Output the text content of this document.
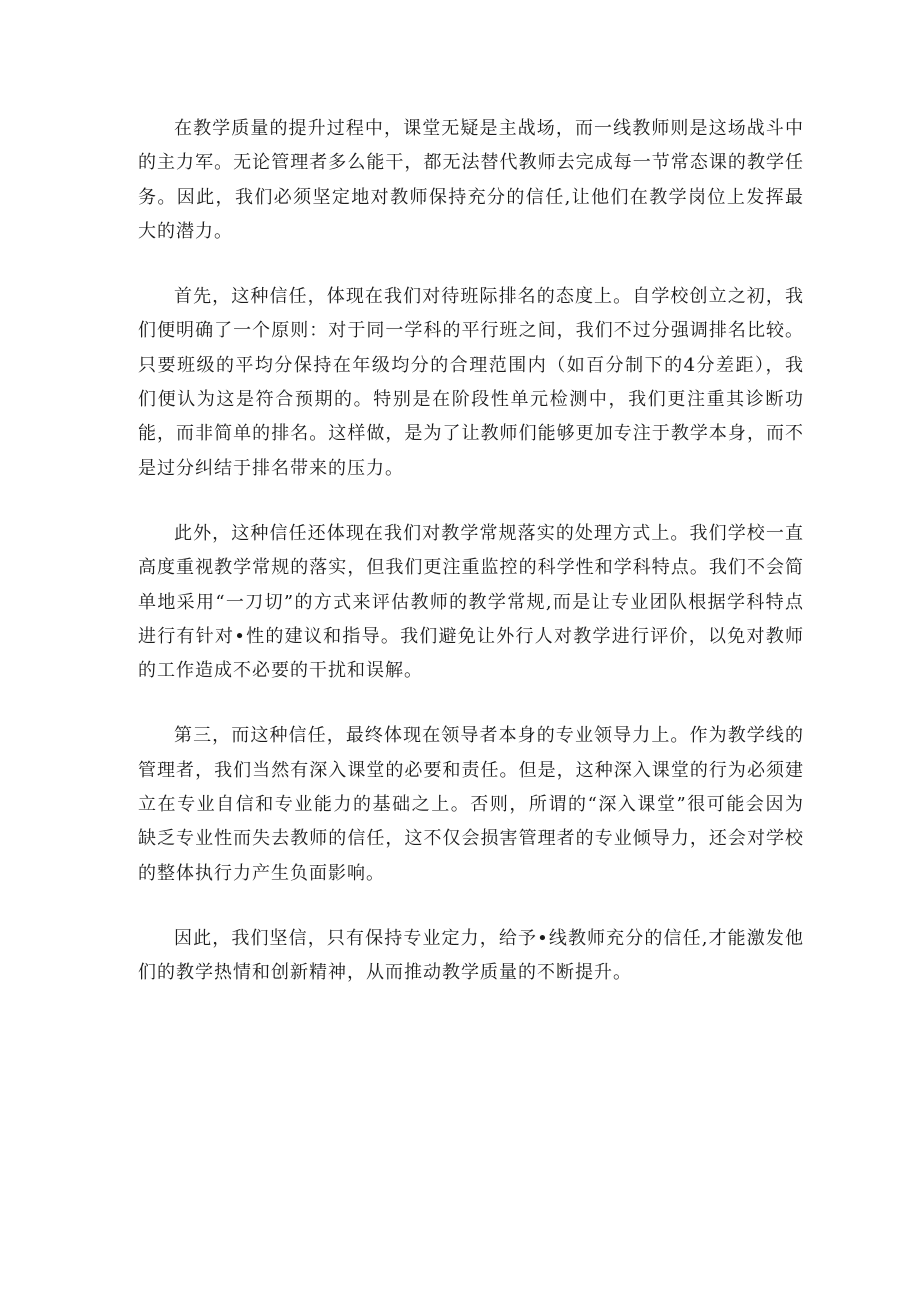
在教学质量的提升过程中，课堂无疑是主战场，而一线教师则是这场战斗中的主力军。无论管理者多么能干，都无法替代教师去完成每一节常态课的教学任务。因此，我们必须坚定地对教师保持充分的信任,让他们在教学岗位上发挥最大的潜力。

首先，这种信任，体现在我们对待班际排名的态度上。自学校创立之初，我们便明确了一个原则：对于同一学科的平行班之间，我们不过分强调排名比较。只要班级的平均分保持在年级均分的合理范围内（如百分制下的4分差距），我们便认为这是符合预期的。特别是在阶段性单元检测中，我们更注重其诊断功能，而非简单的排名。这样做，是为了让教师们能够更加专注于教学本身，而不是过分纠结于排名带来的压力。

此外，这种信任还体现在我们对教学常规落实的处理方式上。我们学校一直高度重视教学常规的落实，但我们更注重监控的科学性和学科特点。我们不会简单地采用“一刀切”的方式来评估教师的教学常规,而是让专业团队根据学科特点进行有针对•性的建议和指导。我们避免让外行人对教学进行评价，以免对教师的工作造成不必要的干扰和误解。

第三，而这种信任，最终体现在领导者本身的专业领导力上。作为教学线的管理者，我们当然有深入课堂的必要和责任。但是，这种深入课堂的行为必须建立在专业自信和专业能力的基础之上。否则，所谓的“深入课堂”很可能会因为缺乏专业性而失去教师的信任，这不仅会损害管理者的专业倾导力，还会对学校的整体执行力产生负面影响。

因此，我们坚信，只有保持专业定力，给予•线教师充分的信任,才能激发他们的教学热情和创新精神，从而推动教学质量的不断提升。
